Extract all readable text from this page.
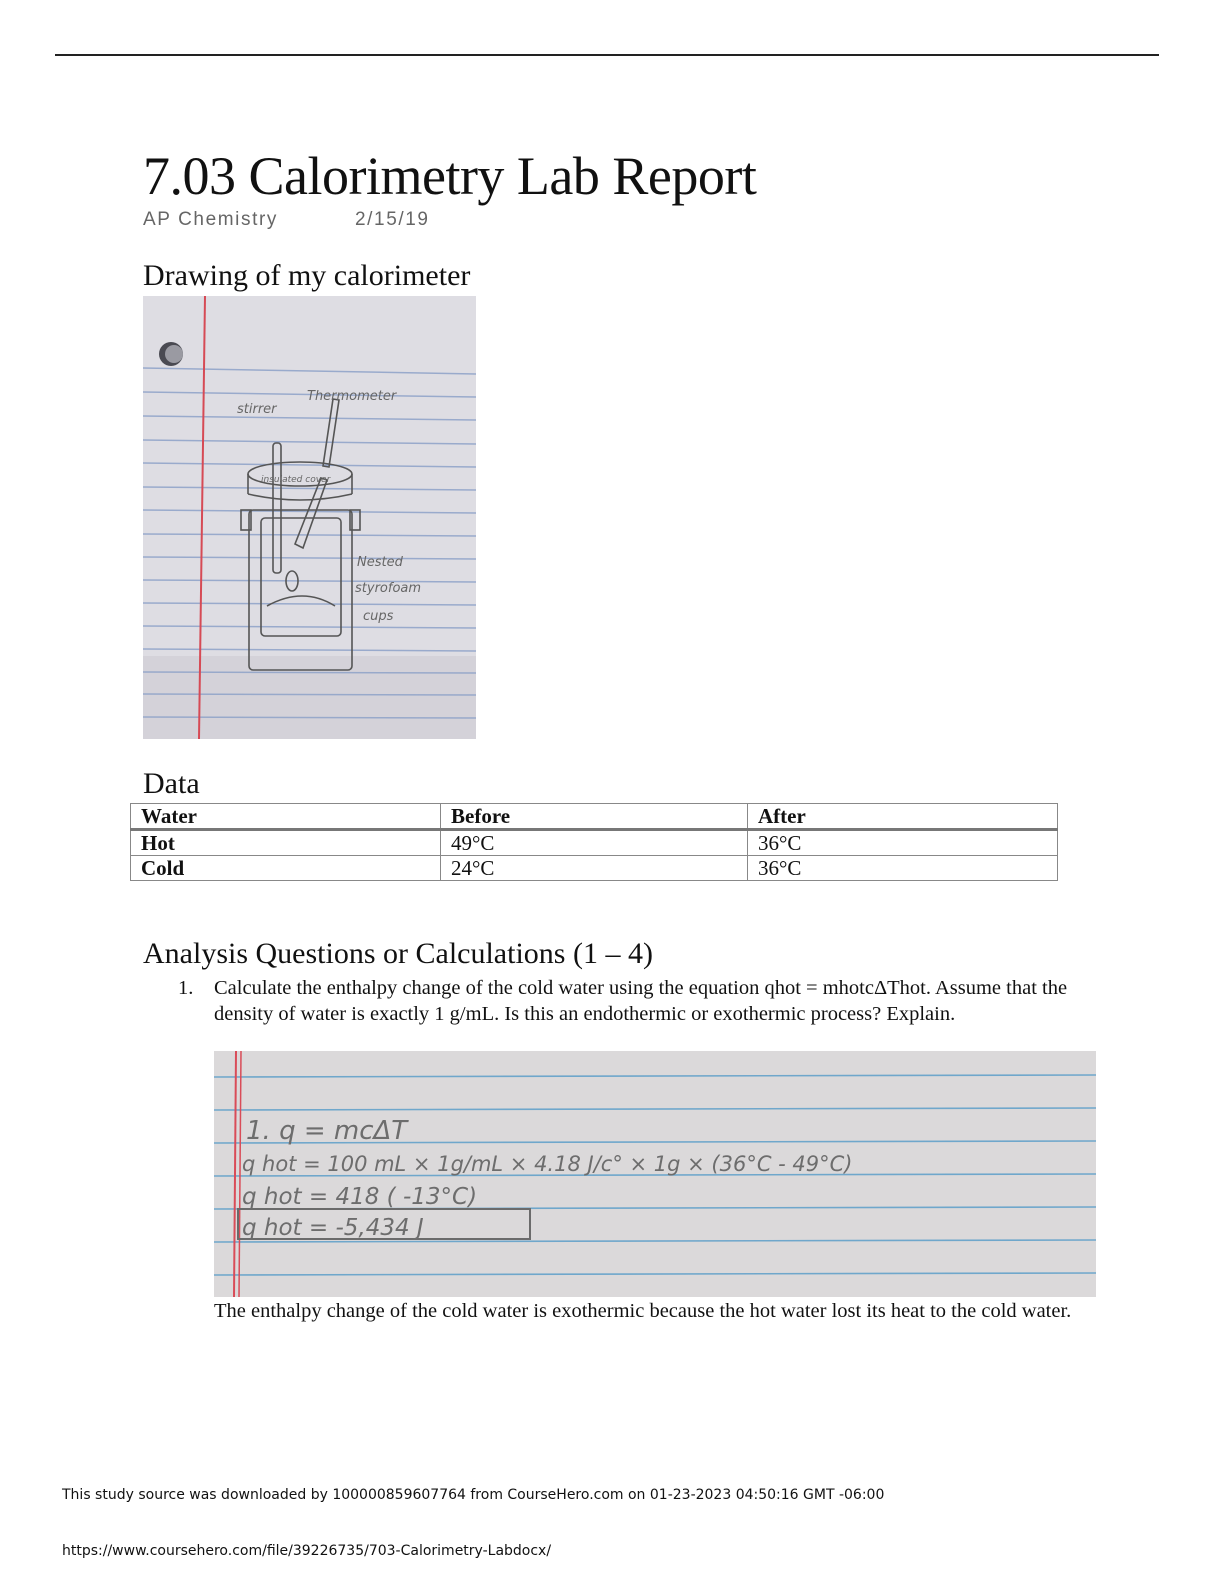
7.03 Calorimetry Lab Report
AP Chemistry	2/15/19
Drawing of my calorimeter
stirrer
Thermometer
insulated cover
Nested
styrofoam
cups
Data
Water	Before	After
Hot	49°C	36°C
Cold	24°C	36°C
Analysis Questions or Calculations (1 – 4)
1. Calculate the enthalpy change of the cold water using the equation qhot = mhotcΔThot. Assume that the density of water is exactly 1 g/mL. Is this an endothermic or exothermic process? Explain.
1. q = mcΔT
q hot = 100 mL × 1g/mL × 4.18 J/c° × 1g × (36°C - 49°C)
q hot = 418 ( -13°C)
q hot = -5,434 J
The enthalpy change of the cold water is exothermic because the hot water lost its heat to the cold water.
This study source was downloaded by 100000859607764 from CourseHero.com on 01-23-2023 04:50:16 GMT -06:00
https://www.coursehero.com/file/39226735/703-Calorimetry-Labdocx/
